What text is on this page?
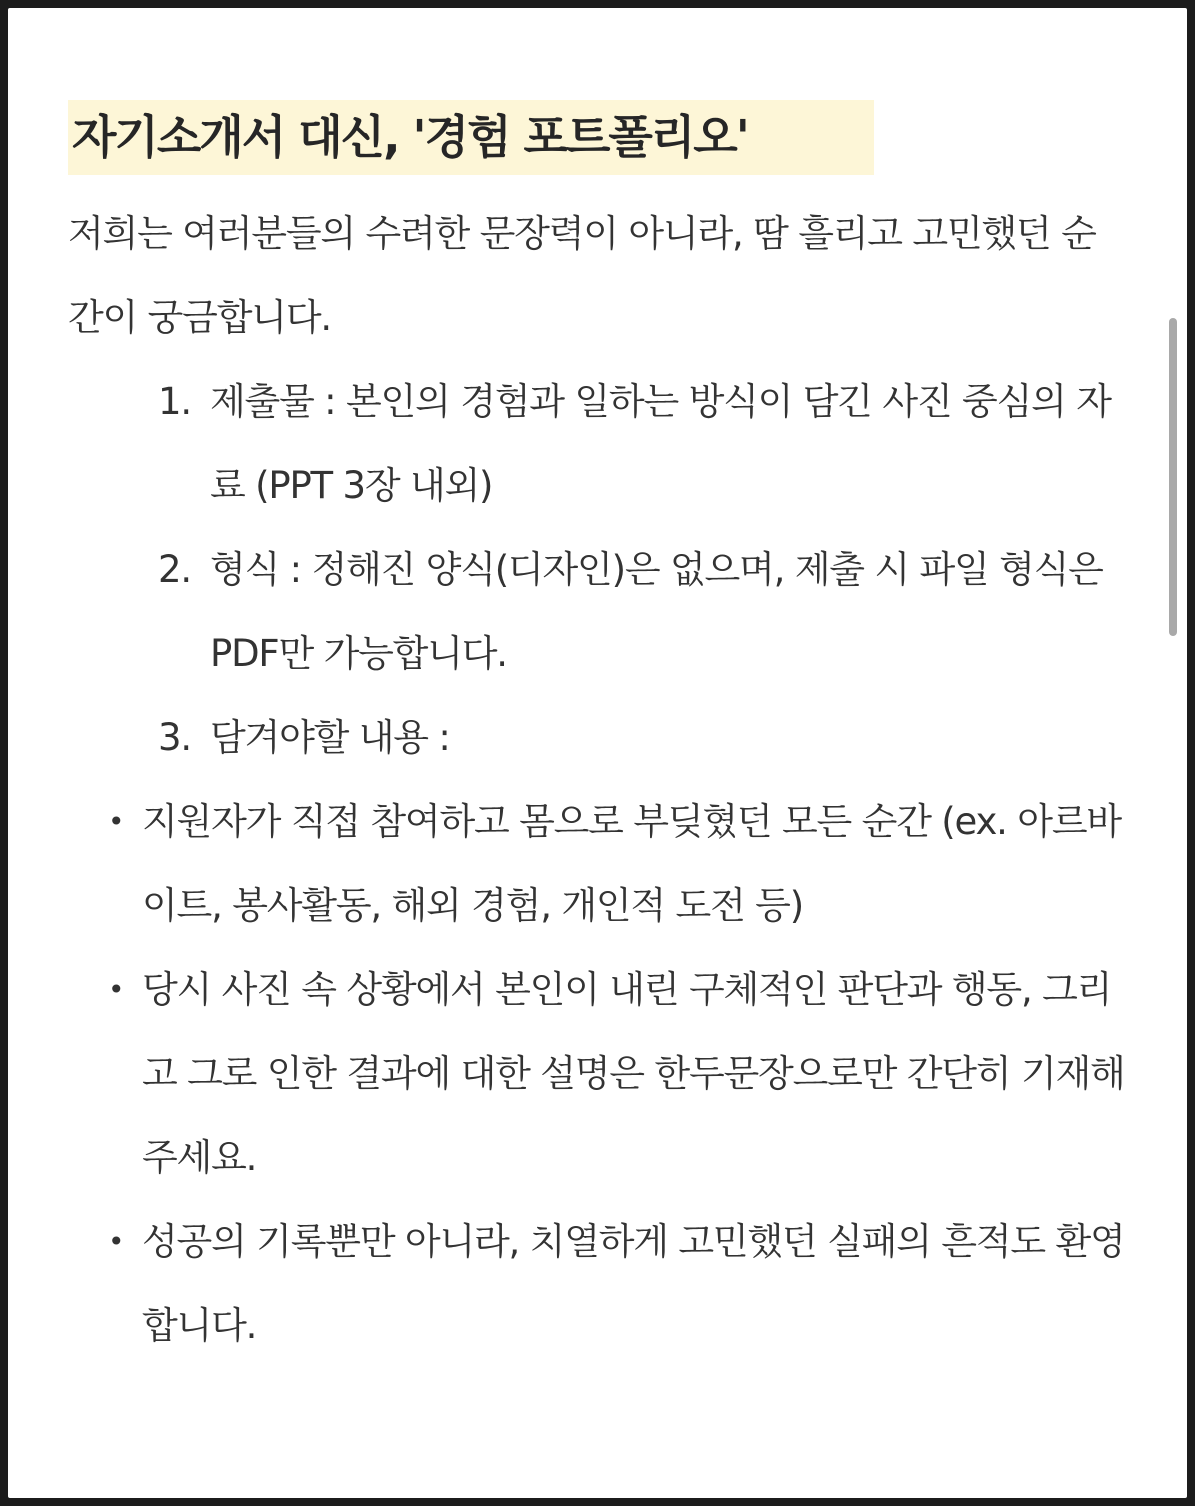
자기소개서 대신, '경험 포트폴리오'

저희는 여러분들의 수려한 문장력이 아니라, 땀 흘리고 고민했던 순간이 궁금합니다.

1. 제출물 : 본인의 경험과 일하는 방식이 담긴 사진 중심의 자료 (PPT 3장 내외)
2. 형식 : 정해진 양식(디자인)은 없으며, 제출 시 파일 형식은 PDF만 가능합니다.
3. 담겨야할 내용 :
• 지원자가 직접 참여하고 몸으로 부딪혔던 모든 순간 (ex. 아르바이트, 봉사활동, 해외 경험, 개인적 도전 등)
• 당시 사진 속 상황에서 본인이 내린 구체적인 판단과 행동, 그리고 그로 인한 결과에 대한 설명은 한두문장으로만 간단히 기재해주세요.
• 성공의 기록뿐만 아니라, 치열하게 고민했던 실패의 흔적도 환영합니다.
